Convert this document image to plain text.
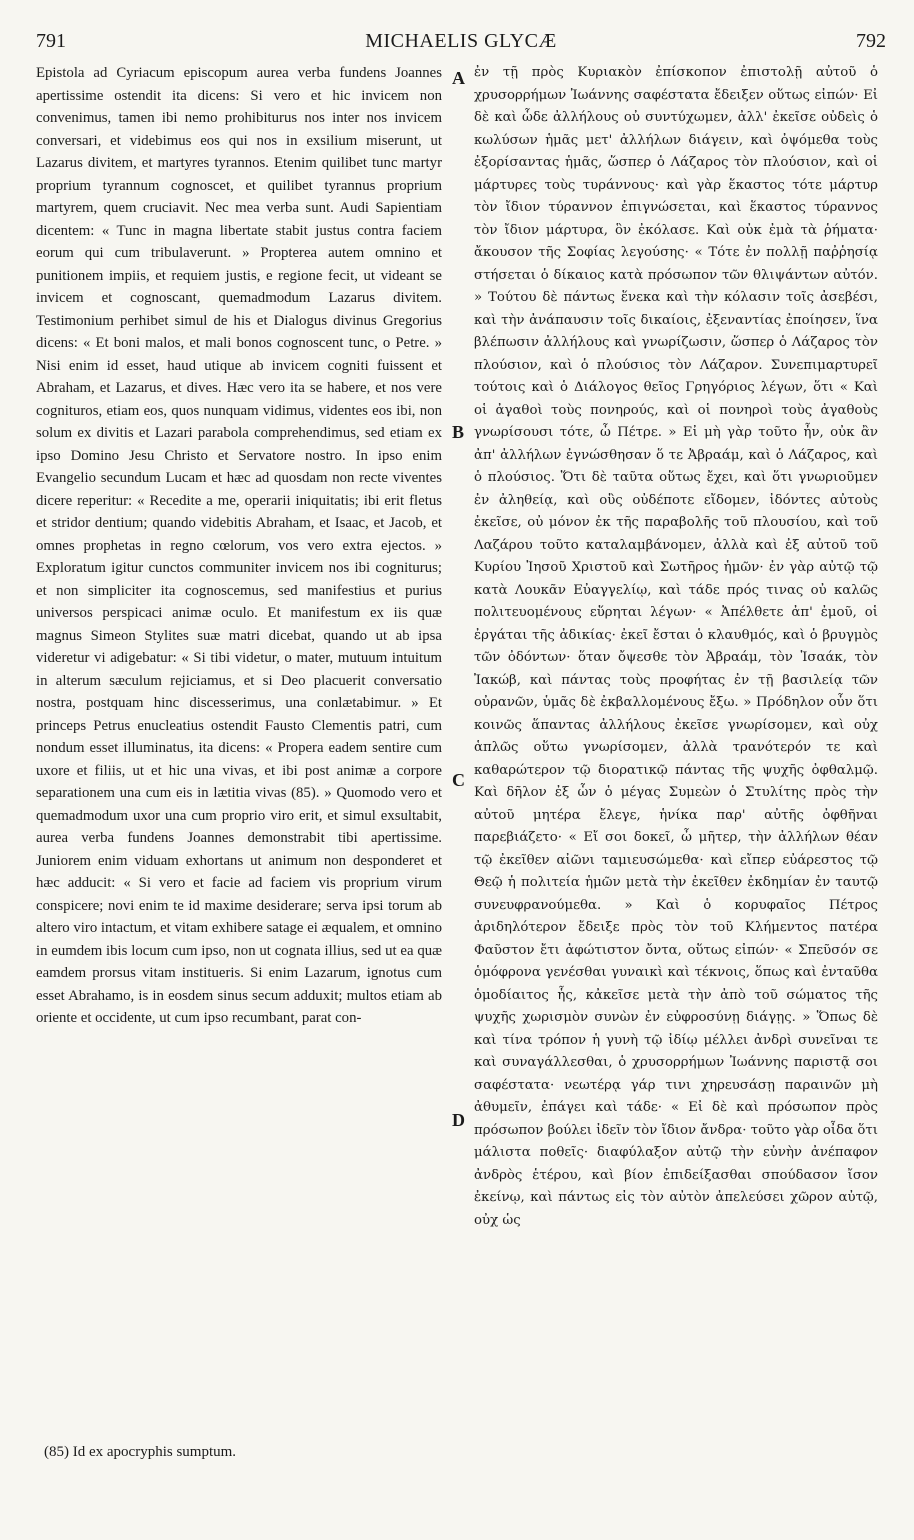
791	MICHAELIS GLYCÆ	792

Epistola ad Cyriacum episcopum aurea verba fundens Joannes apertissime ostendit ita dicens: Si vero et hic invicem non convenimus, tamen ibi nemo prohibiturus nos inter nos invicem conversari, et videbimus eos qui nos in exsilium miserunt, ut Lazarus divitem, et martyres tyrannos. Etenim quilibet tunc martyr proprium tyrannum cognoscet, et quilibet tyrannus proprium martyrem, quem cruciavit. Nec mea verba sunt. Audi Sapientiam dicentem: « Tunc in magna libertate stabit justus contra faciem eorum qui cum tribulaverunt. » Propterea autem omnino et punitionem impiis, et requiem justis, e regione fecit, ut videant se invicem et cognoscant, quemadmodum Lazarus divitem. Testimonium perhibet simul de his et Dialogus divinus Gregorius dicens: « Et boni malos, et mali bonos cognoscent tunc, o Petre. » Nisi enim id esset, haud utique ab invicem cogniti fuissent et Abraham, et Lazarus, et dives. Hæc vero ita se habere, et nos vere cognituros, etiam eos, quos nunquam vidimus, videntes eos ibi, non solum ex divitis et Lazari parabola comprehendimus, sed etiam ex ipso Domino Jesu Christo et Servatore nostro. In ipso enim Evangelio secundum Lucam et hæc ad quosdam non recte viventes dicere reperitur: « Recedite a me, operarii iniquitatis; ibi erit fletus et stridor dentium; quando videbitis Abraham, et Isaac, et Jacob, et omnes prophetas in regno cœlorum, vos vero extra ejectos. » Exploratum igitur cunctos communiter invicem nos ibi cogniturus; et non simpliciter ita cognoscemus, sed manifestius et purius universos perspicaci animæ oculo. Et manifestum ex iis quæ magnus Simeon Stylites suæ matri dicebat, quando ut ab ipsa videretur vi adigebatur: « Si tibi videtur, o mater, mutuum intuitum in alterum sæculum rejiciamus, et si Deo placuerit conversatio nostra, postquam hinc discesserimus, una conlætabimur. » Et princeps Petrus enucleatius ostendit Fausto Clementis patri, cum nondum esset illuminatus, ita dicens: « Propera eadem sentire cum uxore et filiis, ut et hic una vivas, et ibi post animæ a corpore separationem una cum eis in lætitia vivas (85). » Quomodo vero et quemadmodum uxor una cum proprio viro erit, et simul exsultabit, aurea verba fundens Joannes demonstrabit tibi apertissime. Juniorem enim viduam exhortans ut animum non desponderet et hæc adducit: « Si vero et facie ad faciem vis proprium virum conspicere; novi enim te id maxime desiderare; serva ipsi torum ab altero viro intactum, et vitam exhibere satage ei æqualem, et omnino in eumdem ibis locum cum ipso, non ut cognata illius, sed ut ea quæ eamdem prorsus vitam institueris. Si enim Lazarum, ignotus cum esset Abrahamo, is in eosdem sinus secum adduxit; multos etiam ab oriente et occidente, ut cum ipso recumbant, parat con-

A
B
C
D

ἐν τῇ πρὸς Κυριακὸν ἐπίσκοπον ἐπιστολῇ αὐτοῦ ὁ χρυσορρήμων Ἰωάννης σαφέστατα ἔδειξεν οὕτως εἰπών· Εἰ δὲ καὶ ὧδε ἀλλήλους οὐ συντύχωμεν, ἀλλ' ἐκεῖσε οὐδεὶς ὁ κωλύσων ἡμᾶς μετ' ἀλλήλων διάγειν, καὶ ὀψόμεθα τοὺς ἐξορίσαντας ἡμᾶς, ὥσπερ ὁ Λάζαρος τὸν πλούσιον, καὶ οἱ μάρτυρες τοὺς τυράννους· καὶ γὰρ ἕκαστος τότε μάρτυρ τὸν ἴδιον τύραννον ἐπιγνώσεται, καὶ ἕκαστος τύραννος τὸν ἴδιον μάρτυρα, ὃν ἐκόλασε. Καὶ οὐκ ἐμὰ τὰ ῥήματα· ἄκουσον τῆς Σοφίας λεγούσης· « Τότε ἐν πολλῇ παῤῥησίᾳ στήσεται ὁ δίκαιος κατὰ πρόσωπον τῶν θλιψάντων αὐτόν. » Τούτου δὲ πάντως ἕνεκα καὶ τὴν κόλασιν τοῖς ἀσεβέσι, καὶ τὴν ἀνάπαυσιν τοῖς δικαίοις, ἐξεναντίας ἐποίησεν, ἵνα βλέπωσιν ἀλλήλους καὶ γνωρίζωσιν, ὥσπερ ὁ Λάζαρος τὸν πλούσιον, καὶ ὁ πλούσιος τὸν Λάζαρον. Συνεπιμαρτυρεῖ τούτοις καὶ ὁ Διάλογος θεῖος Γρηγόριος λέγων, ὅτι « Καὶ οἱ ἀγαθοὶ τοὺς πονηρούς, καὶ οἱ πονηροὶ τοὺς ἀγαθοὺς γνωρίσουσι τότε, ὦ Πέτρε. » Εἰ μὴ γὰρ τοῦτο ἦν, οὐκ ἂν ἀπ' ἀλλήλων ἐγνώσθησαν ὅ τε Ἀβραάμ, καὶ ὁ Λάζαρος, καὶ ὁ πλούσιος. Ὅτι δὲ ταῦτα οὕτως ἔχει, καὶ ὅτι γνωριοῦμεν ἐν ἀληθείᾳ, καὶ οὓς οὐδέποτε εἴδομεν, ἰδόντες αὐτοὺς ἐκεῖσε, οὐ μόνον ἐκ τῆς παραβολῆς τοῦ πλουσίου, καὶ τοῦ Λαζάρου τοῦτο καταλαμβάνομεν, ἀλλὰ καὶ ἐξ αὐτοῦ τοῦ Κυρίου Ἰησοῦ Χριστοῦ καὶ Σωτῆρος ἡμῶν· ἐν γὰρ αὐτῷ τῷ κατὰ Λουκᾶν Εὐαγγελίῳ, καὶ τάδε πρός τινας οὐ καλῶς πολιτευομένους εὕρηται λέγων· « Ἀπέλθετε ἀπ' ἐμοῦ, οἱ ἐργάται τῆς ἀδικίας· ἐκεῖ ἔσται ὁ κλαυθμός, καὶ ὁ βρυγμὸς τῶν ὀδόντων· ὅταν ὄψεσθε τὸν Ἀβραάμ, τὸν Ἰσαάκ, τὸν Ἰακώβ, καὶ πάντας τοὺς προφήτας ἐν τῇ βασιλείᾳ τῶν οὐρανῶν, ὑμᾶς δὲ ἐκβαλλομένους ἔξω. » Πρόδηλον οὖν ὅτι κοινῶς ἅπαντας ἀλλήλους ἐκεῖσε γνωρίσομεν, καὶ οὐχ ἁπλῶς οὕτω γνωρίσομεν, ἀλλὰ τρανότερόν τε καὶ καθαρώτερον τῷ διορατικῷ πάντας τῆς ψυχῆς ὀφθαλμῷ. Καὶ δῆλον ἐξ ὧν ὁ μέγας Συμεὼν ὁ Στυλίτης πρὸς τὴν αὐτοῦ μητέρα ἔλεγε, ἡνίκα παρ' αὐτῆς ὀφθῆναι παρεβιάζετο· « Εἴ σοι δοκεῖ, ὦ μῆτερ, τὴν ἀλλήλων θέαν τῷ ἐκεῖθεν αἰῶνι ταμιευσώμεθα· καὶ εἴπερ εὐάρεστος τῷ Θεῷ ἡ πολιτεία ἡμῶν μετὰ τὴν ἐκεῖθεν ἐκδημίαν ἐν ταυτῷ συνευφρανούμεθα. » Καὶ ὁ κορυφαῖος Πέτρος ἀριδηλότερον ἔδειξε πρὸς τὸν τοῦ Κλήμεντος πατέρα Φαῦστον ἔτι ἀφώτιστον ὄντα, οὕτως εἰπών· « Σπεῦσόν σε ὁμόφρονα γενέσθαι γυναικὶ καὶ τέκνοις, ὅπως καὶ ἐνταῦθα ὁμοδίαιτος ἧς, κἀκεῖσε μετὰ τὴν ἀπὸ τοῦ σώματος τῆς ψυχῆς χωρισμὸν συνὼν ἐν εὐφροσύνῃ διάγῃς. » Ὅπως δὲ καὶ τίνα τρόπον ἡ γυνὴ τῷ ἰδίῳ μέλλει ἀνδρὶ συνεῖναι τε καὶ συναγάλλεσθαι, ὁ χρυσορρήμων Ἰωάννης παριστᾷ σοι σαφέστατα· νεωτέρᾳ γάρ τινι χηρευσάσῃ παραινῶν μὴ ἀθυμεῖν, ἐπάγει καὶ τάδε· « Εἰ δὲ καὶ πρόσωπον πρὸς πρόσωπον βούλει ἰδεῖν τὸν ἴδιον ἄνδρα· τοῦτο γὰρ οἶδα ὅτι μάλιστα ποθεῖς· διαφύλαξον αὐτῷ τὴν εὐνὴν ἀνέπαφον ἀνδρὸς ἑτέρου, καὶ βίον ἐπιδείξασθαι σπούδασον ἴσον ἐκείνῳ, καὶ πάντως εἰς τὸν αὐτὸν ἀπελεύσει χῶρον αὐτῷ, οὐχ ὡς

(85) Id ex apocryphis sumptum.
